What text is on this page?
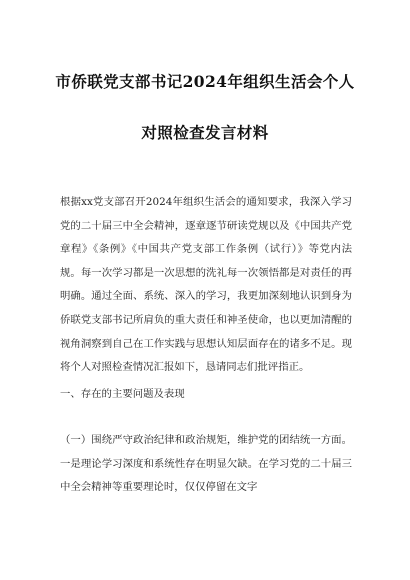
市侨联党支部书记2024年组织生活会个人
对照检查发言材料
根据xx党支部召开2024年组织生活会的通知要求，我深入学习党的二十届三中全会精神，逐章逐节研读党规以及《中国共产党章程》《条例》《中国共产党支部工作条例（试行）》等党内法规。每一次学习都是一次思想的洗礼每一次领悟都是对责任的再明确。通过全面、系统、深入的学习，我更加深刻地认识到身为侨联党支部书记所肩负的重大责任和神圣使命，也以更加清醒的视角洞察到自己在工作实践与思想认知层面存在的诸多不足。现将个人对照检查情况汇报如下，恳请同志们批评指正。
一、存在的主要问题及表现
（一）围绕严守政治纪律和政治规矩，维护党的团结统一方面。一是理论学习深度和系统性存在明显欠缺。在学习党的二十届三中全会精神等重要理论时，仅仅停留在文字
